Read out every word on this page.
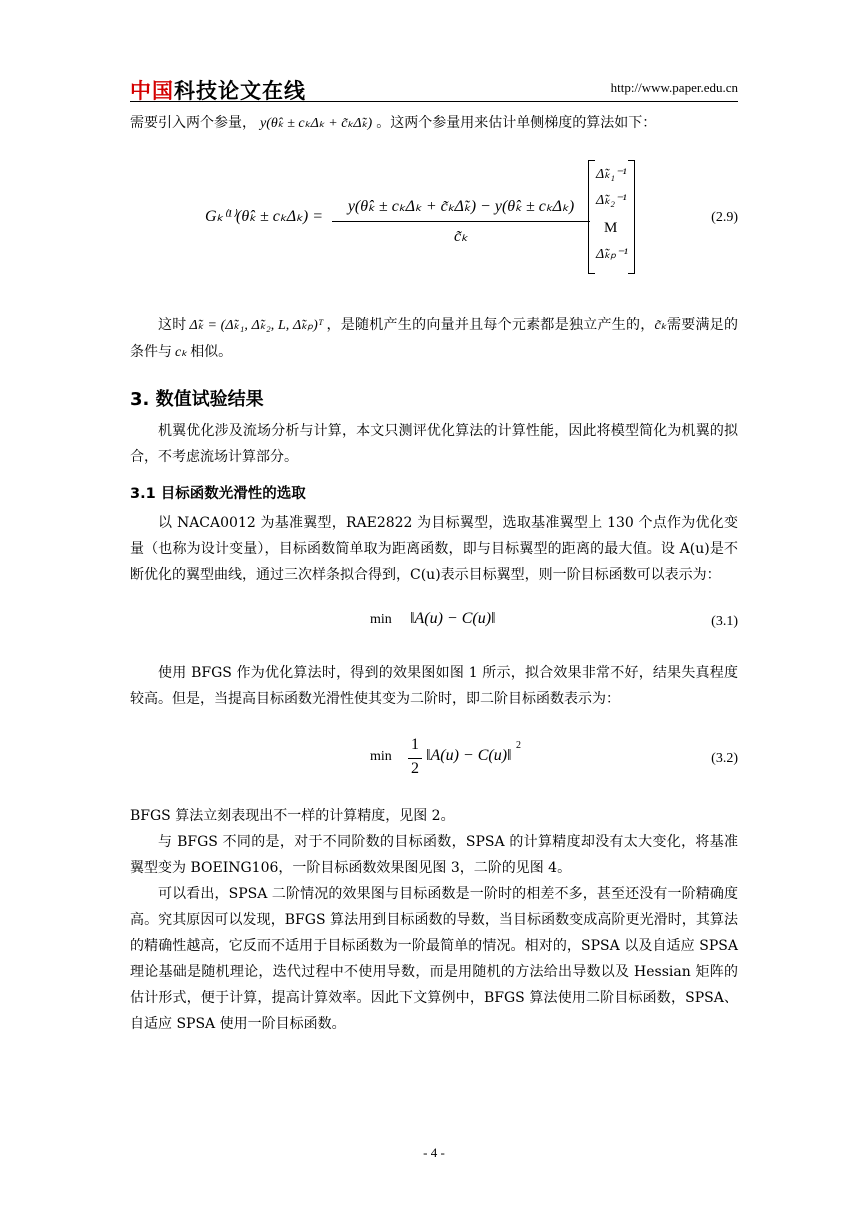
中国科技论文在线	http://www.paper.edu.cn
需要引入两个参量， y(θ̂ₖ ± cₖΔₖ + c̃ₖΔ̃ₖ) 。这两个参量用来估计单侧梯度的算法如下：
Gₖ⁽¹⁾(θ̂ₖ ± cₖΔₖ) =
y(θ̂ₖ ± cₖΔₖ + c̃ₖΔ̃ₖ) − y(θ̂ₖ ± cₖΔₖ)
c̃ₖ
Δ̃ₖ₁⁻¹
Δ̃ₖ₂⁻¹
M
Δ̃ₖₚ⁻¹
(2.9)
这时 Δ̃ₖ = (Δ̃ₖ₁, Δ̃ₖ₂, L, Δ̃ₖₚ)ᵀ ，是随机产生的向量并且每个元素都是独立产生的，c̃ₖ需要满足的条件与 cₖ 相似。
3. 数值试验结果
机翼优化涉及流场分析与计算，本文只测评优化算法的计算性能，因此将模型简化为机翼的拟合，不考虑流场计算部分。
3.1 目标函数光滑性的选取
以 NACA0012 为基准翼型，RAE2822 为目标翼型，选取基准翼型上 130 个点作为优化变量（也称为设计变量），目标函数简单取为距离函数，即与目标翼型的距离的最大值。设 A(u)是不断优化的翼型曲线，通过三次样条拟合得到，C(u)表示目标翼型，则一阶目标函数可以表示为：
min ‖A(u) − C(u)‖	(3.1)
使用 BFGS 作为优化算法时，得到的效果图如图 1 所示，拟合效果非常不好，结果失真程度较高。但是，当提高目标函数光滑性使其变为二阶时，即二阶目标函数表示为：
min
1
2
‖A(u) − C(u)‖
2
(3.2)
BFGS 算法立刻表现出不一样的计算精度，见图 2。
与 BFGS 不同的是，对于不同阶数的目标函数，SPSA 的计算精度却没有太大变化，将基准翼型变为 BOEING106，一阶目标函数效果图见图 3，二阶的见图 4。
可以看出，SPSA 二阶情况的效果图与目标函数是一阶时的相差不多，甚至还没有一阶精确度高。究其原因可以发现，BFGS 算法用到目标函数的导数，当目标函数变成高阶更光滑时，其算法的精确性越高，它反而不适用于目标函数为一阶最简单的情况。相对的，SPSA 以及自适应 SPSA 理论基础是随机理论，迭代过程中不使用导数，而是用随机的方法给出导数以及 Hessian 矩阵的估计形式，便于计算，提高计算效率。因此下文算例中，BFGS 算法使用二阶目标函数，SPSA、自适应 SPSA 使用一阶目标函数。
- 4 -
